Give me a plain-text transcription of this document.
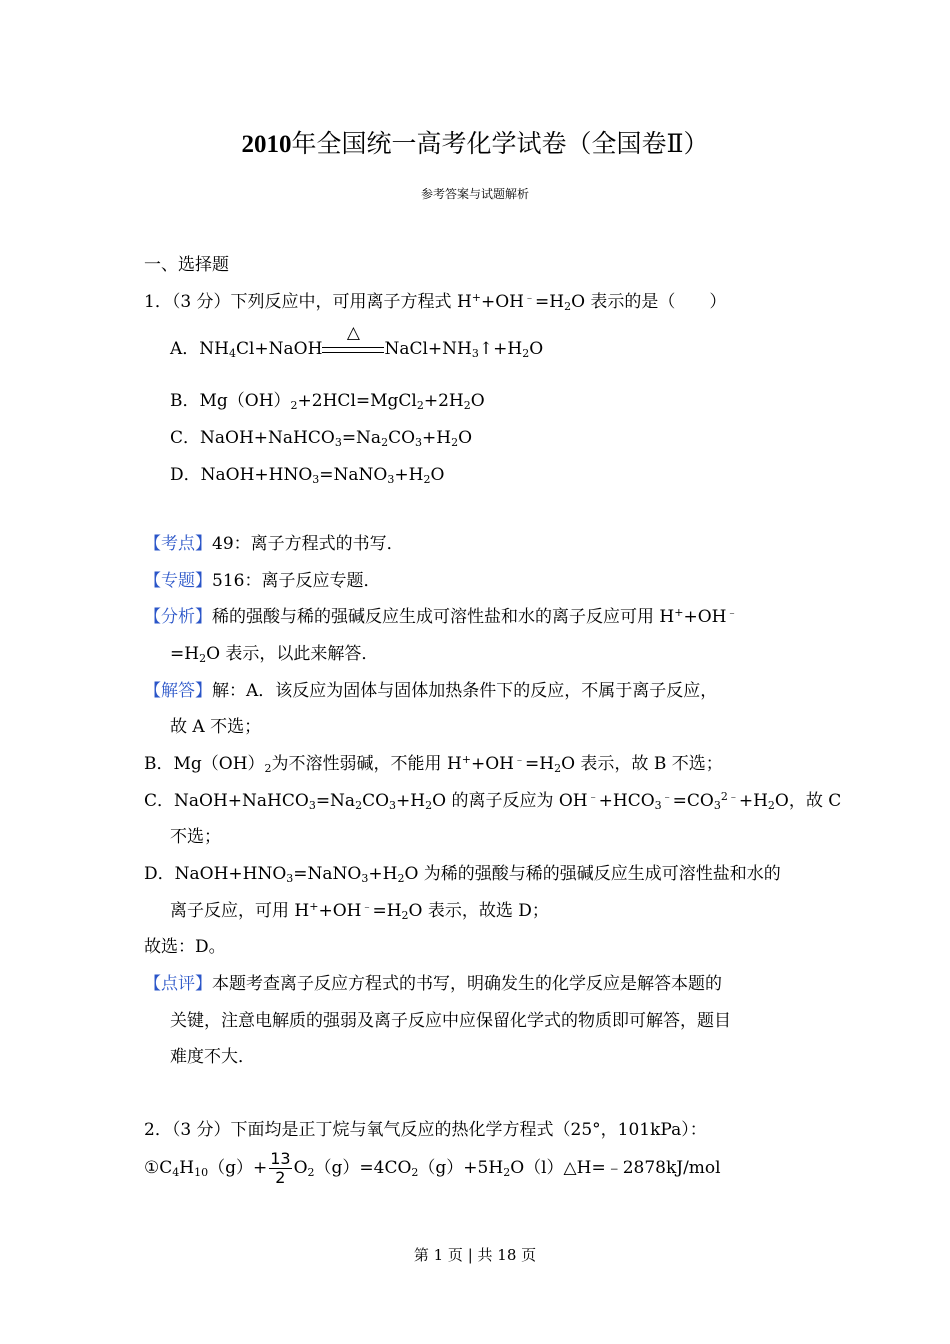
2010年全国统一高考化学试卷（全国卷Ⅱ）
参考答案与试题解析
一、选择题
1．（3 分）下列反应中，可用离子方程式 $H^++OH^﹣=H_2O$ 表示的是（　　）
A．$NH_4Cl+NaOH$
△
$NaCl+NH_3↑+H_2O$
B．$Mg(OH)_2+2HCl=MgCl_2+2H_2O$
C．$NaOH+NaHCO_3=Na_2CO_3+H_2O$
D．$NaOH+HNO_3=NaNO_3+H_2O$
【考点】49：离子方程式的书写．
【专题】516：离子反应专题．
【分析】稀的强酸与稀的强碱反应生成可溶性盐和水的离子反应可用 H++OH﹣
$=H_2O$ 表示，以此来解答．
【解答】解：A．该反应为固体与固体加热条件下的反应，不属于离子反应，
故 A 不选；
B．$Mg(OH)_2$为不溶性弱碱，不能用 $H^++OH^﹣=H_2O$ 表示，故 B 不选；
C．$NaOH+NaHCO_3=Na_2CO_3+H_2O$ 的离子反应为 $OH^﹣+HCO_3^﹣=CO_3^{2﹣}+H_2O$，故 C
不选；
D．$NaOH+HNO_3=NaNO_3+H_2O$ 为稀的强酸与稀的强碱反应生成可溶性盐和水的
离子反应，可用 $H^++OH^﹣=H_2O$ 表示，故选 D；
故选：D。
【点评】本题考查离子反应方程式的书写，明确发生的化学反应是解答本题的
关键，注意电解质的强弱及离子反应中应保留化学式的物质即可解答，题目
难度不大．
2．（3 分）下面均是正丁烷与氧气反应的热化学方程式（25°，101kPa）：
$①C_4H_{10}(g)+ \frac{13}{2}$ $O_2(g)=4CO_2(g)+5H_2O(l)\triangle H=﹣2878kJ$/mol
第 1 页 | 共 18 页
